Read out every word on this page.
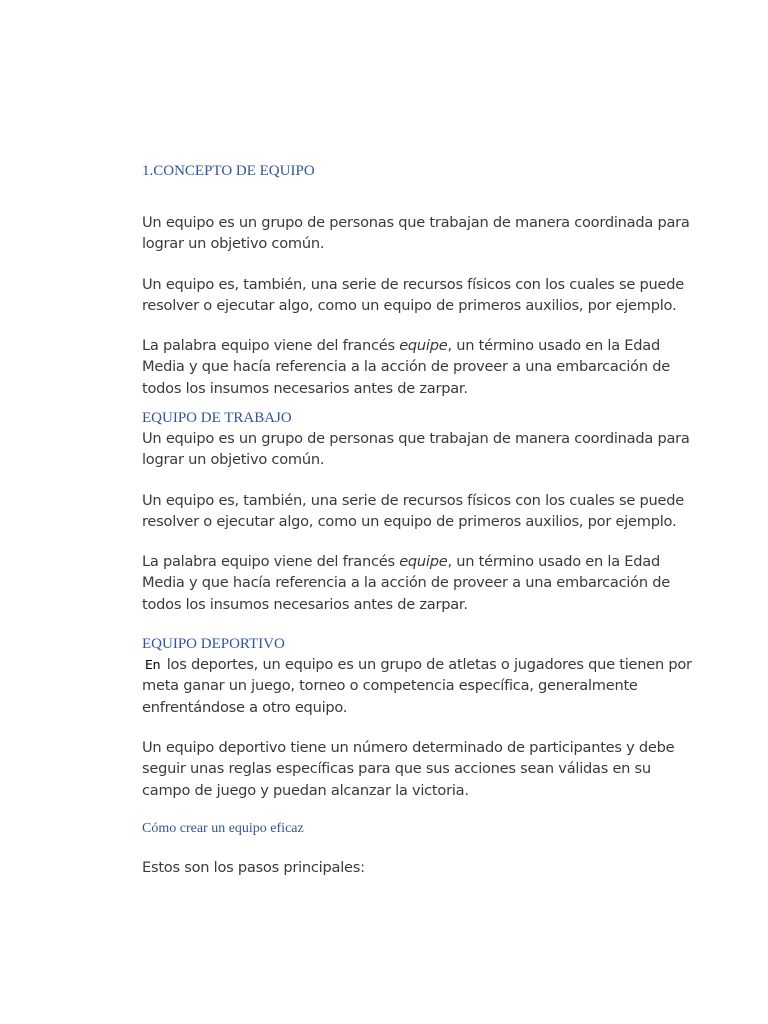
1.CONCEPTO DE EQUIPO

Un equipo es un grupo de personas que trabajan de manera coordinada para lograr un objetivo común.

Un equipo es, también, una serie de recursos físicos con los cuales se puede resolver o ejecutar algo, como un equipo de primeros auxilios, por ejemplo.

La palabra equipo viene del francés equipe, un término usado en la Edad Media y que hacía referencia a la acción de proveer a una embarcación de todos los insumos necesarios antes de zarpar.

EQUIPO DE TRABAJO

Un equipo es un grupo de personas que trabajan de manera coordinada para lograr un objetivo común.

Un equipo es, también, una serie de recursos físicos con los cuales se puede resolver o ejecutar algo, como un equipo de primeros auxilios, por ejemplo.

La palabra equipo viene del francés equipe, un término usado en la Edad Media y que hacía referencia a la acción de proveer a una embarcación de todos los insumos necesarios antes de zarpar.

EQUIPO DEPORTIVO

En los deportes, un equipo es un grupo de atletas o jugadores que tienen por meta ganar un juego, torneo o competencia específica, generalmente enfrentándose a otro equipo.

Un equipo deportivo tiene un número determinado de participantes y debe seguir unas reglas específicas para que sus acciones sean válidas en su campo de juego y puedan alcanzar la victoria.

Cómo crear un equipo eficaz

Estos son los pasos principales:
